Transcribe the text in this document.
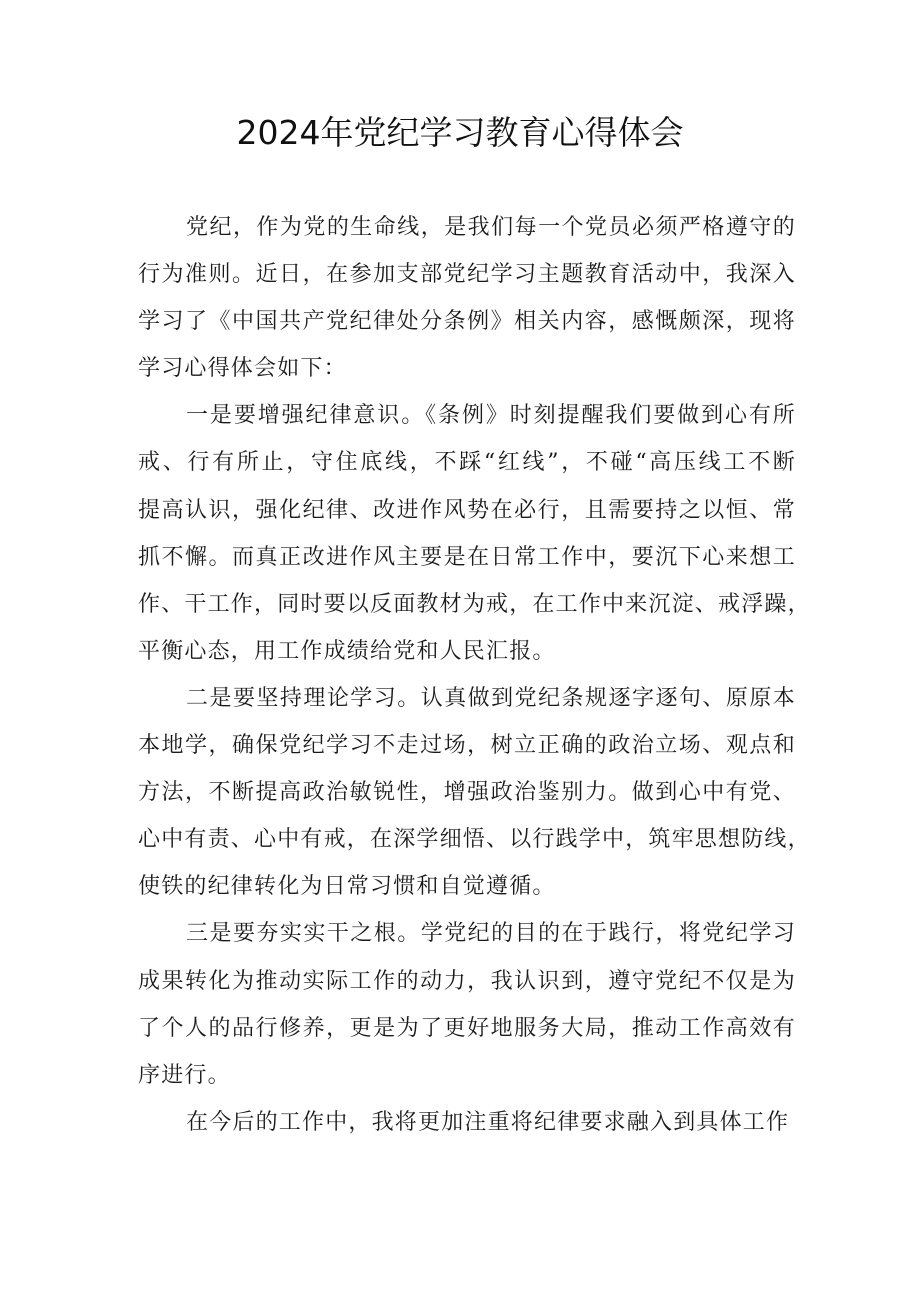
2024年党纪学习教育心得体会
党纪，作为党的生命线，是我们每一个党员必须严格遵守的
行为准则。近日，在参加支部党纪学习主题教育活动中，我深入
学习了《中国共产党纪律处分条例》相关内容，感慨颇深，现将
学习心得体会如下：
一是要增强纪律意识。《条例》时刻提醒我们要做到心有所
戒、行有所止，守住底线，不踩“红线”，不碰“高压线工不断
提高认识，强化纪律、改进作风势在必行，且需要持之以恒、常
抓不懈。而真正改进作风主要是在日常工作中，要沉下心来想工
作、干工作，同时要以反面教材为戒，在工作中来沉淀、戒浮躁，
平衡心态，用工作成绩给党和人民汇报。
二是要坚持理论学习。认真做到党纪条规逐字逐句、原原本
本地学，确保党纪学习不走过场，树立正确的政治立场、观点和
方法，不断提高政治敏锐性，增强政治鉴别力。做到心中有党、
心中有责、心中有戒，在深学细悟、以行践学中，筑牢思想防线，
使铁的纪律转化为日常习惯和自觉遵循。
三是要夯实实干之根。学党纪的目的在于践行，将党纪学习
成果转化为推动实际工作的动力，我认识到，遵守党纪不仅是为
了个人的品行修养，更是为了更好地服务大局，推动工作高效有
序进行。
在今后的工作中，我将更加注重将纪律要求融入到具体工作
